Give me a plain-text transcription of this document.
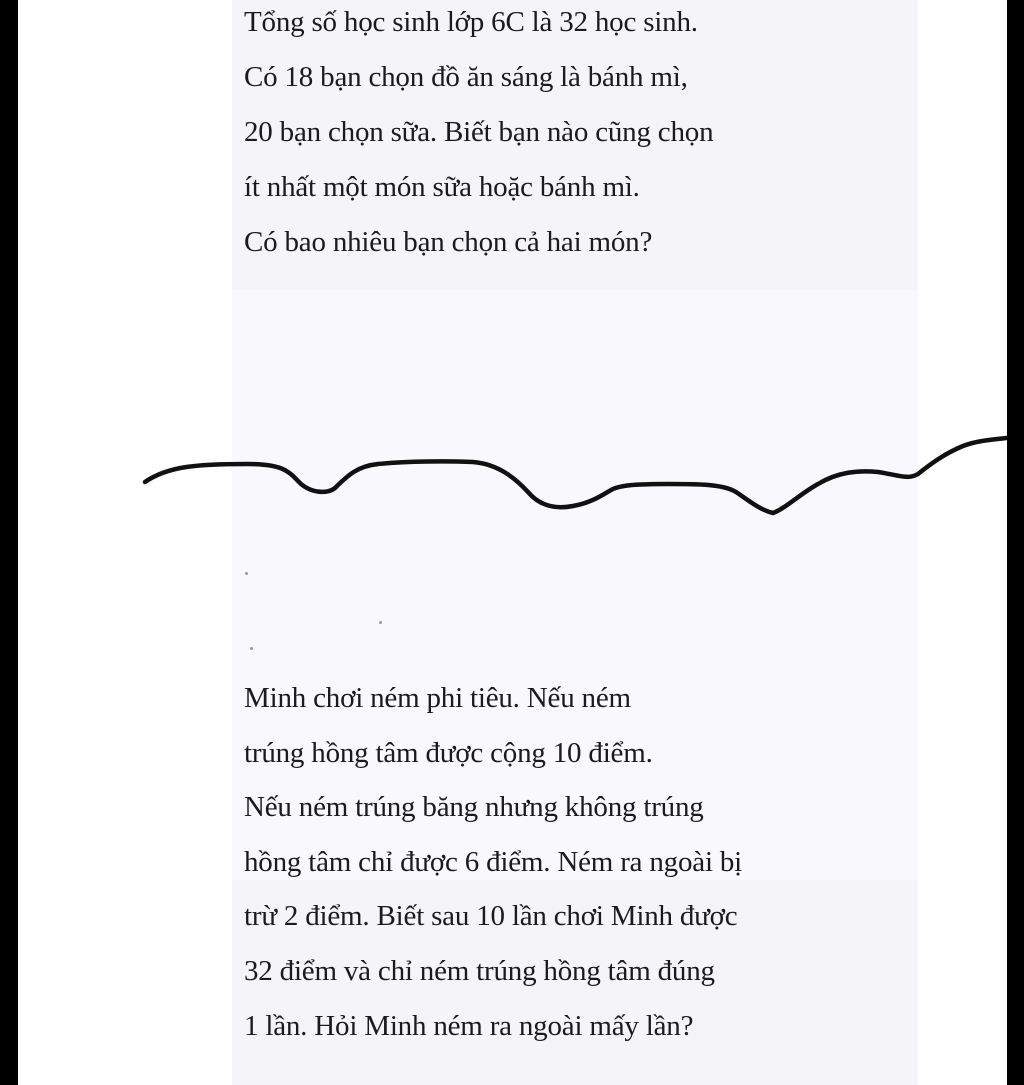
Tổng số học sinh lớp 6C là 32 học sinh.
Có 18 bạn chọn đồ ăn sáng là bánh mì,
20 bạn chọn sữa. Biết bạn nào cũng chọn
ít nhất một món sữa hoặc bánh mì.
Có bao nhiêu bạn chọn cả hai món?
Minh chơi ném phi tiêu. Nếu ném
trúng hồng tâm được cộng 10 điểm.
Nếu ném trúng băng nhưng không trúng
hồng tâm chỉ được 6 điểm. Ném ra ngoài bị
trừ 2 điểm. Biết sau 10 lần chơi Minh được
32 điểm và chỉ ném trúng hồng tâm đúng
1 lần. Hỏi Minh ném ra ngoài mấy lần?
